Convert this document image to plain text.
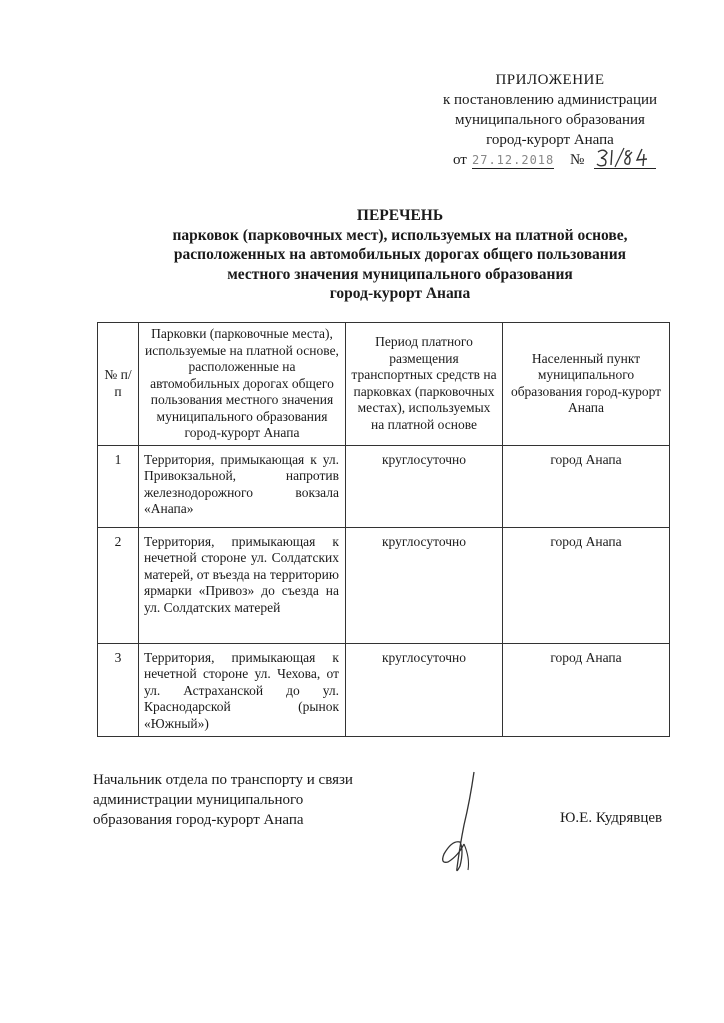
ПРИЛОЖЕНИЕ
к постановлению администрации
муниципального образования
город-курорт Анапа
от 27.12.2018 №
ПЕРЕЧЕНЬ
парковок (парковочных мест), используемых на платной основе,
расположенных на автомобильных дорогах общего пользования
местного значения муниципального образования
город-курорт Анапа
№ п/п	Парковки (парковочные места), используемые на платной основе, расположенные на автомобильных дорогах общего пользования местного значения муниципального образования город-курорт Анапа	Период платного размещения транспортных средств на парковках (парковочных местах), используемых на платной основе	Населенный пункт муниципального образования город-курорт Анапа
1	Территория, примыкающая к ул. Привокзальной, напротив железнодорожного вокзала «Анапа»	круглосуточно	город Анапа
2	Территория, примыкающая к нечетной стороне ул. Солдатских матерей, от въезда на территорию ярмарки «Привоз» до съезда на ул. Солдатских матерей	круглосуточно	город Анапа
3	Территория, примыкающая к нечетной стороне ул. Чехова, от ул. Астраханской до ул. Краснодарской (рынок «Южный»)	круглосуточно	город Анапа
Начальник отдела по транспорту и связи
администрации муниципального
образования город-курорт Анапа	Ю.Е. Кудрявцев
